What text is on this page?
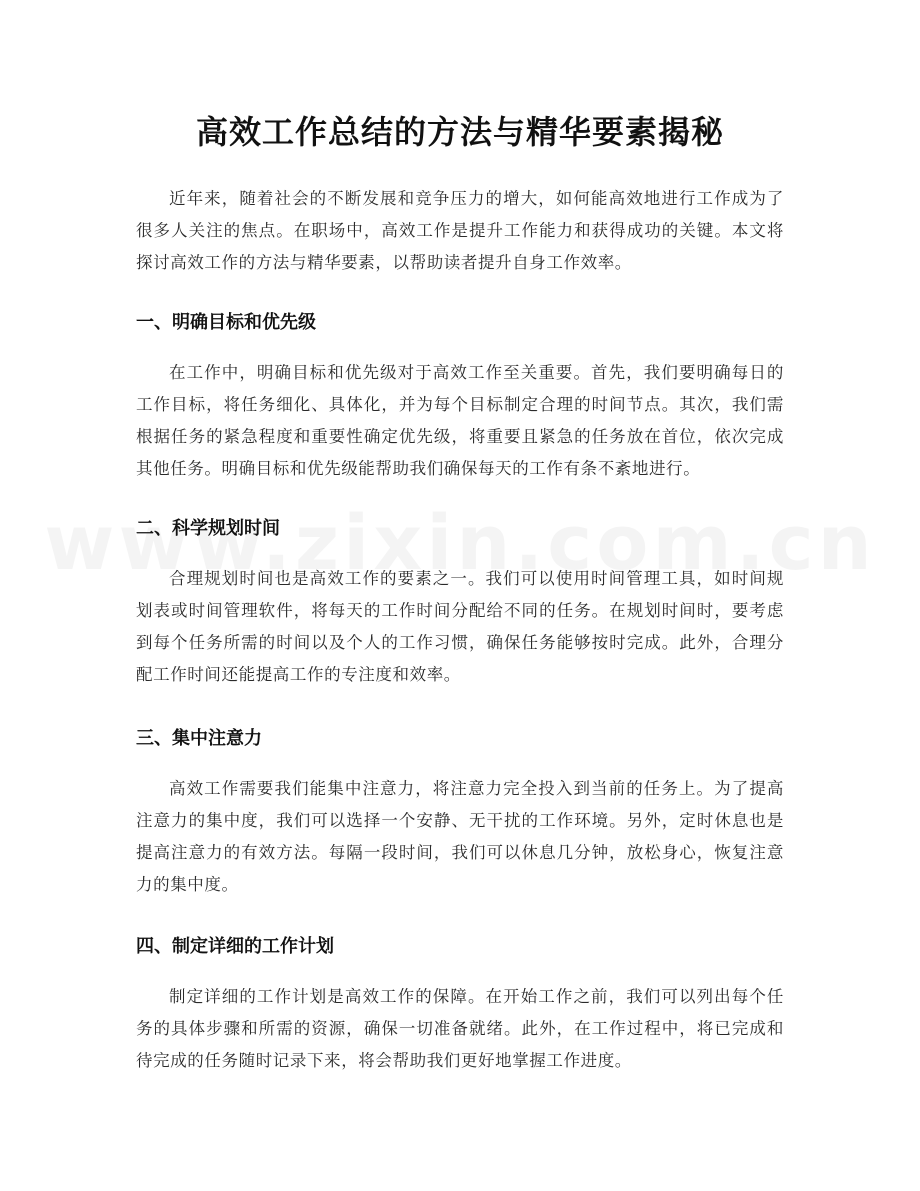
高效工作总结的方法与精华要素揭秘

近年来，随着社会的不断发展和竞争压力的增大，如何能高效地进行工作成为了很多人关注的焦点。在职场中，高效工作是提升工作能力和获得成功的关键。本文将探讨高效工作的方法与精华要素，以帮助读者提升自身工作效率。

一、明确目标和优先级

在工作中，明确目标和优先级对于高效工作至关重要。首先，我们要明确每日的工作目标，将任务细化、具体化，并为每个目标制定合理的时间节点。其次，我们需根据任务的紧急程度和重要性确定优先级，将重要且紧急的任务放在首位，依次完成其他任务。明确目标和优先级能帮助我们确保每天的工作有条不紊地进行。

二、科学规划时间

合理规划时间也是高效工作的要素之一。我们可以使用时间管理工具，如时间规划表或时间管理软件，将每天的工作时间分配给不同的任务。在规划时间时，要考虑到每个任务所需的时间以及个人的工作习惯，确保任务能够按时完成。此外，合理分配工作时间还能提高工作的专注度和效率。

三、集中注意力

高效工作需要我们能集中注意力，将注意力完全投入到当前的任务上。为了提高注意力的集中度，我们可以选择一个安静、无干扰的工作环境。另外，定时休息也是提高注意力的有效方法。每隔一段时间，我们可以休息几分钟，放松身心，恢复注意力的集中度。

四、制定详细的工作计划

制定详细的工作计划是高效工作的保障。在开始工作之前，我们可以列出每个任务的具体步骤和所需的资源，确保一切准备就绪。此外，在工作过程中，将已完成和待完成的任务随时记录下来，将会帮助我们更好地掌握工作进度。
